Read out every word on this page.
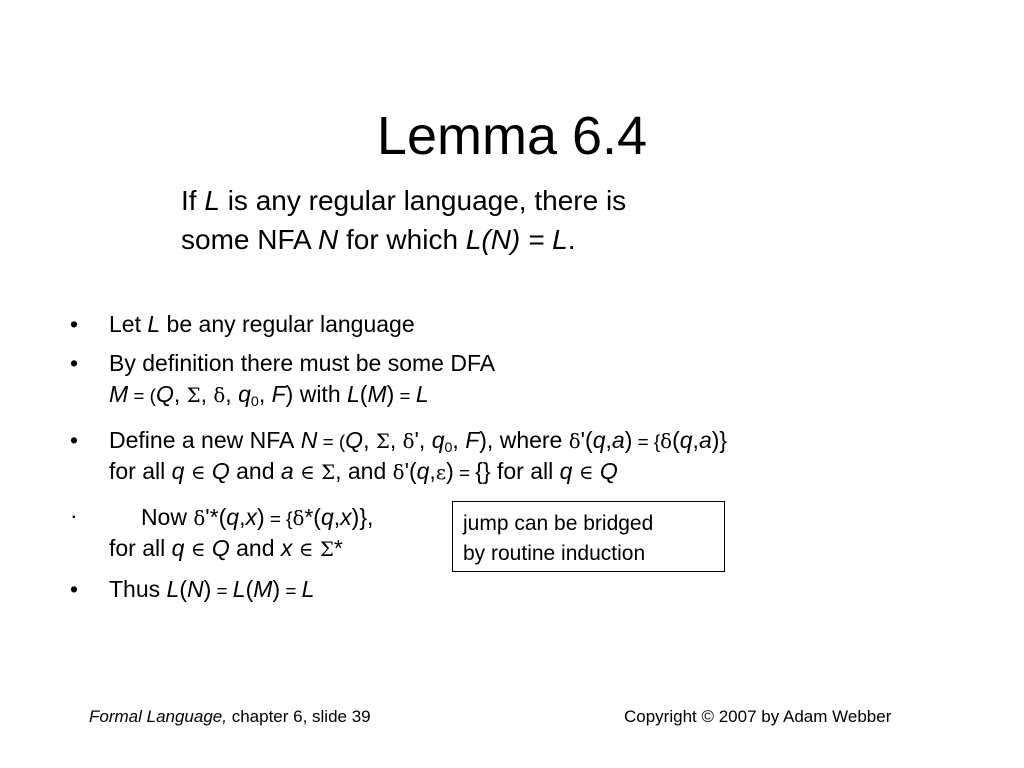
Lemma 6.4
If L is any regular language, there is
some NFA N for which L(N) = L.
• Let L be any regular language
• By definition there must be some DFA
M = (Q, Σ, δ, $q_0$, F) with L(M) = L
• Define a new NFA N = (Q, Σ, δ', $q_0$, F), where δ'(q,a) = {δ(q,a)}
for all q ∈ Q and a ∈ Σ, and δ'(q,ε) = {} for all q ∈ Q
· Now δ'*(q,x) = {δ*(q,x)},
for all q ∈ Q and x ∈ Σ*
• Thus L(N) = L(M) = L
jump can be bridged
by routine induction
Formal Language, chapter 6, slide 39	Copyright © 2007 by Adam Webber
